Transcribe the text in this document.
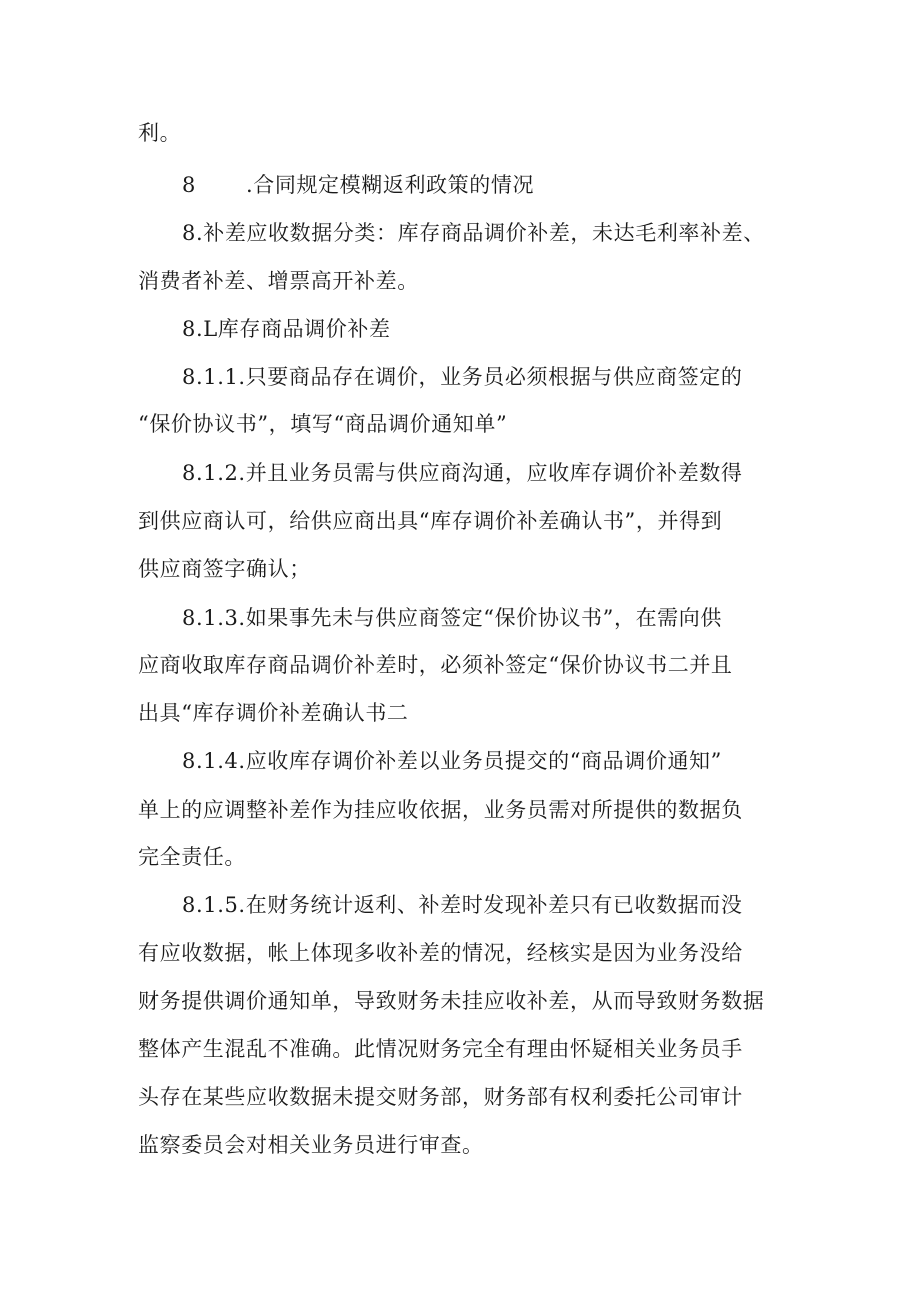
利。
8 .合同规定模糊返利政策的情况
8.补差应收数据分类：库存商品调价补差，未达毛利率补差、
消费者补差、增票高开补差。
8.L库存商品调价补差
8.1.1.只要商品存在调价，业务员必须根据与供应商签定的
“保价协议书”，填写“商品调价通知单”
8.1.2.并且业务员需与供应商沟通，应收库存调价补差数得
到供应商认可，给供应商出具“库存调价补差确认书”，并得到
供应商签字确认；
8.1.3.如果事先未与供应商签定“保价协议书”，在需向供
应商收取库存商品调价补差时，必须补签定“保价协议书二并且
出具“库存调价补差确认书二
8.1.4.应收库存调价补差以业务员提交的“商品调价通知”
单上的应调整补差作为挂应收依据，业务员需对所提供的数据负
完全责任。
8.1.5.在财务统计返利、补差时发现补差只有已收数据而没
有应收数据，帐上体现多收补差的情况，经核实是因为业务没给
财务提供调价通知单，导致财务未挂应收补差，从而导致财务数据
整体产生混乱不准确。此情况财务完全有理由怀疑相关业务员手
头存在某些应收数据未提交财务部，财务部有权利委托公司审计
监察委员会对相关业务员进行审查。
